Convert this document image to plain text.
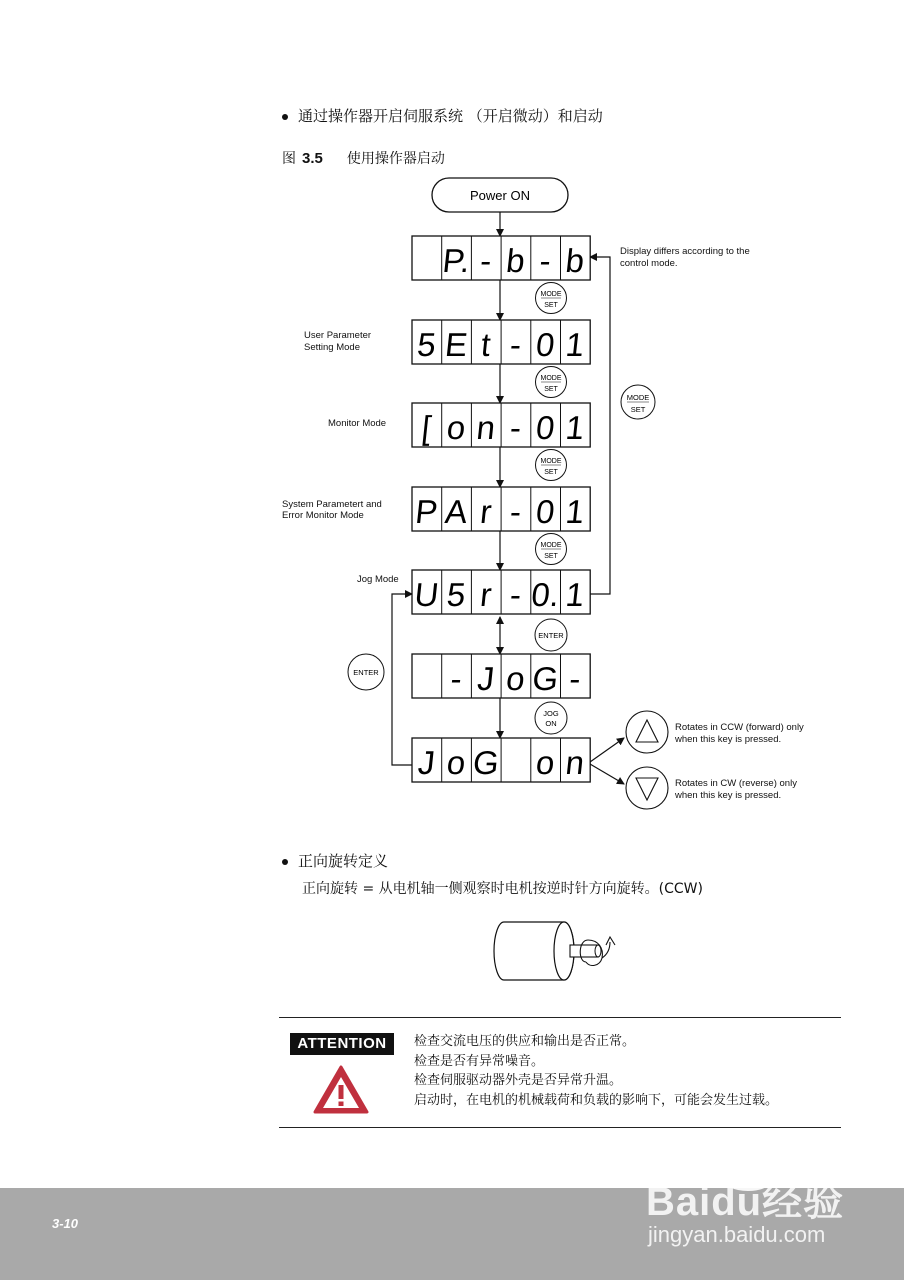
通过操作器开启伺服系统 （开启微动）和启动
图 3.5 使用操作器启动
Power ON
P. - b - b
5 E t - 0 1
[ o n - 0 1
P A r - 0 1
U 5 r - 0. 1
- J o G -
J o G o n
MODE
SET
MODE
SET
MODE
SET
MODE
SET
MODE
SET
ENTER
ENTER
JOG
ON
User Parameter
Setting Mode
Monitor Mode
System Parametert and
Error Monitor Mode
Jog Mode
Display differs according to the
control mode.
Rotates in CCW (forward) only
when this key is pressed.
Rotates in CW (reverse) only
when this key is pressed.
正向旋转定义
正向旋转 = 从电机轴一侧观察时电机按逆时针方向旋转。(CCW)
ATTENTION	检查交流电压的供应和输出是否正常。
检查是否有异常噪音。
检查伺服驱动器外壳是否异常升温。
启动时，在电机的机械载荷和负载的影响下，可能会发生过载。
3-10	Baidu经验
jingyan.baidu.com
